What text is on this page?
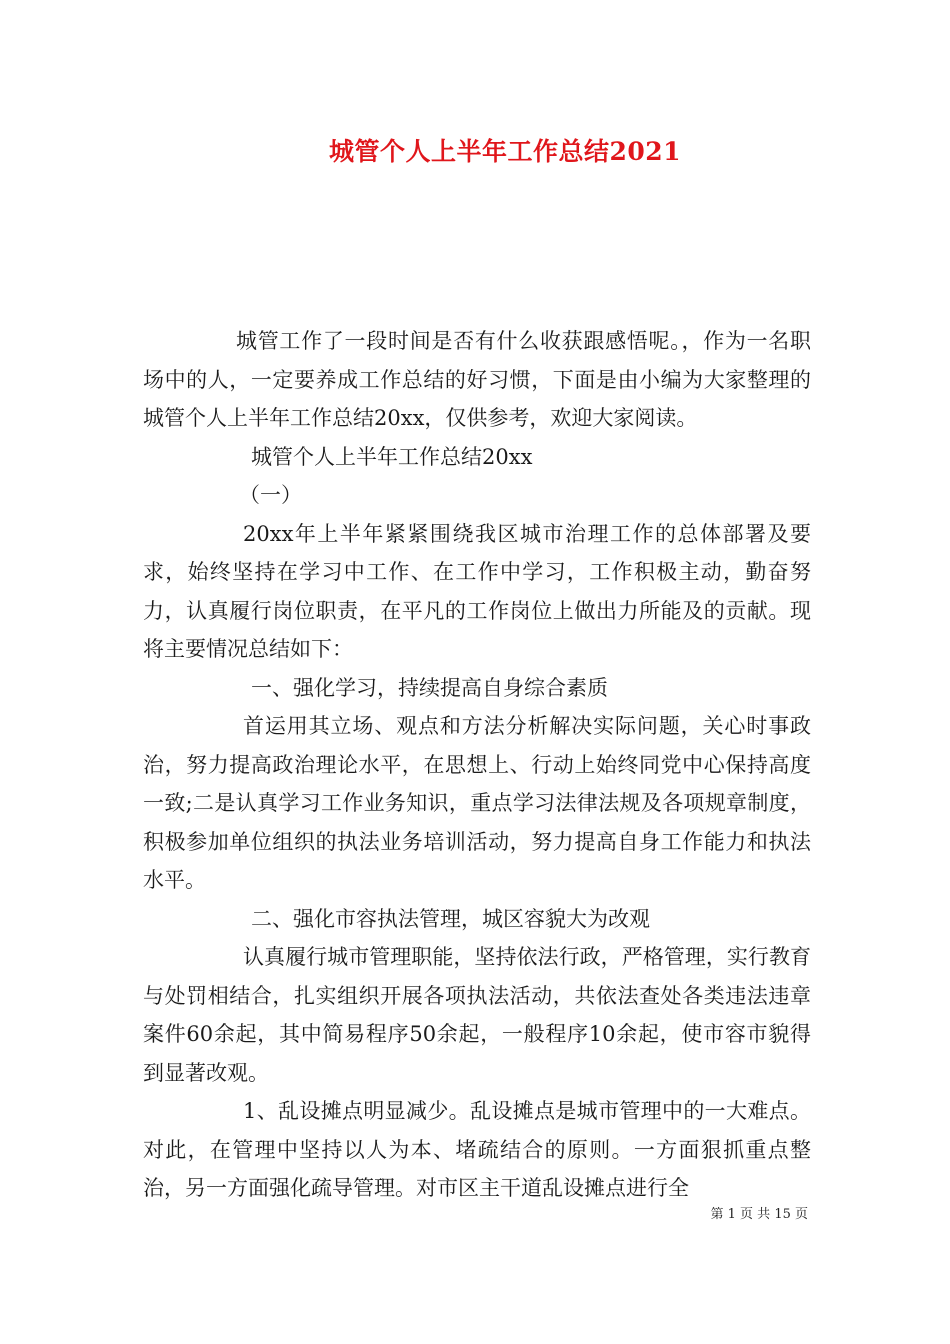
城管个人上半年工作总结2021

城管工作了一段时间是否有什么收获跟感悟呢。，作为一名职场中的人，一定要养成工作总结的好习惯，下面是由小编为大家整理的城管个人上半年工作总结20xx，仅供参考，欢迎大家阅读。

城管个人上半年工作总结20xx

（一）

20xx年上半年紧紧围绕我区城市治理工作的总体部署及要求，始终坚持在学习中工作、在工作中学习，工作积极主动，勤奋努力，认真履行岗位职责，在平凡的工作岗位上做出力所能及的贡献。现将主要情况总结如下：

一、强化学习，持续提高自身综合素质

首运用其立场、观点和方法分析解决实际问题，关心时事政治，努力提高政治理论水平，在思想上、行动上始终同党中心保持高度一致;二是认真学习工作业务知识，重点学习法律法规及各项规章制度，积极参加单位组织的执法业务培训活动，努力提高自身工作能力和执法水平。

二、强化市容执法管理，城区容貌大为改观

认真履行城市管理职能，坚持依法行政，严格管理，实行教育与处罚相结合，扎实组织开展各项执法活动，共依法查处各类违法违章案件60余起，其中简易程序50余起，一般程序10余起，使市容市貌得到显著改观。

1、乱设摊点明显减少。乱设摊点是城市管理中的一大难点。对此，在管理中坚持以人为本、堵疏结合的原则。一方面狠抓重点整治，另一方面强化疏导管理。对市区主干道乱设摊点进行全

第 1 页 共 15 页
